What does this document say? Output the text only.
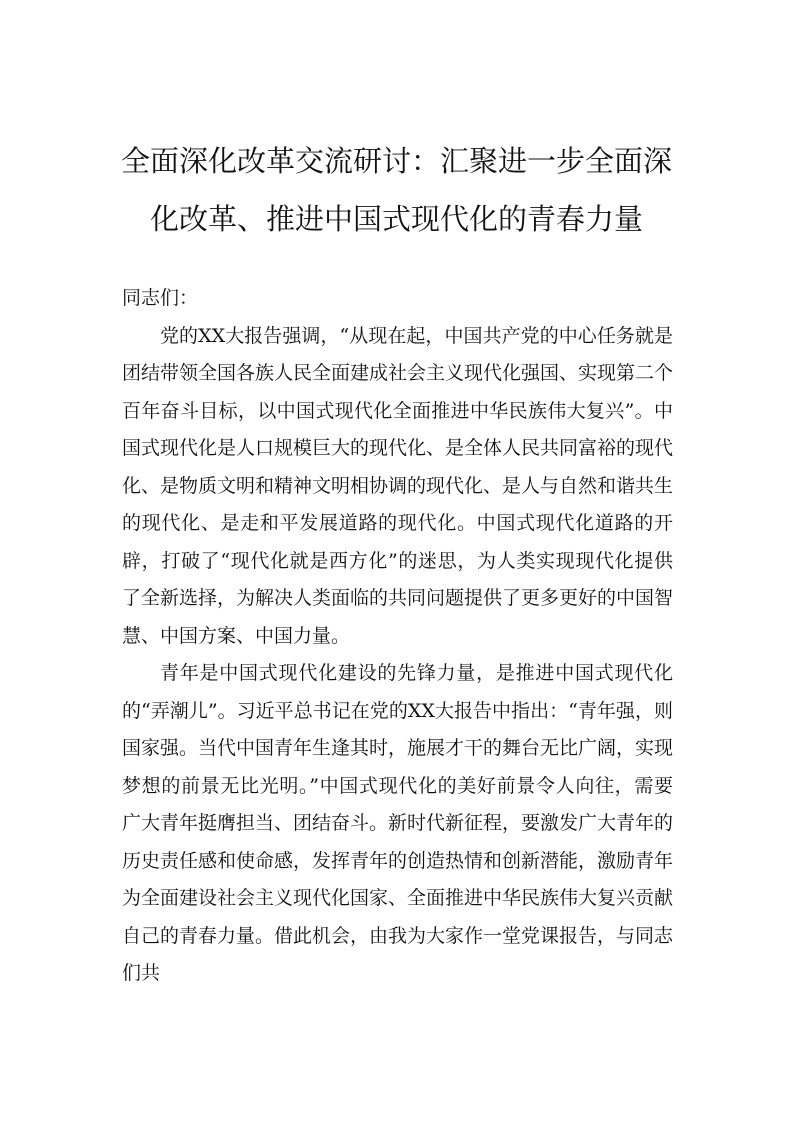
全面深化改革交流研讨：汇聚进一步全面深
化改革、推进中国式现代化的青春力量

同志们：

党的XX大报告强调，“从现在起，中国共产党的中心任务就是团结带领全国各族人民全面建成社会主义现代化强国、实现第二个百年奋斗目标，以中国式现代化全面推进中华民族伟大复兴”。中国式现代化是人口规模巨大的现代化、是全体人民共同富裕的现代化、是物质文明和精神文明相协调的现代化、是人与自然和谐共生的现代化、是走和平发展道路的现代化。中国式现代化道路的开辟，打破了“现代化就是西方化”的迷思，为人类实现现代化提供了全新选择，为解决人类面临的共同问题提供了更多更好的中国智慧、中国方案、中国力量。

青年是中国式现代化建设的先锋力量，是推进中国式现代化的“弄潮儿”。习近平总书记在党的XX大报告中指出：“青年强，则国家强。当代中国青年生逢其时，施展才干的舞台无比广阔，实现梦想的前景无比光明。”中国式现代化的美好前景令人向往，需要广大青年挺膺担当、团结奋斗。新时代新征程，要激发广大青年的历史责任感和使命感，发挥青年的创造热情和创新潜能，激励青年为全面建设社会主义现代化国家、全面推进中华民族伟大复兴贡献自己的青春力量。借此机会，由我为大家作一堂党课报告，与同志们共
